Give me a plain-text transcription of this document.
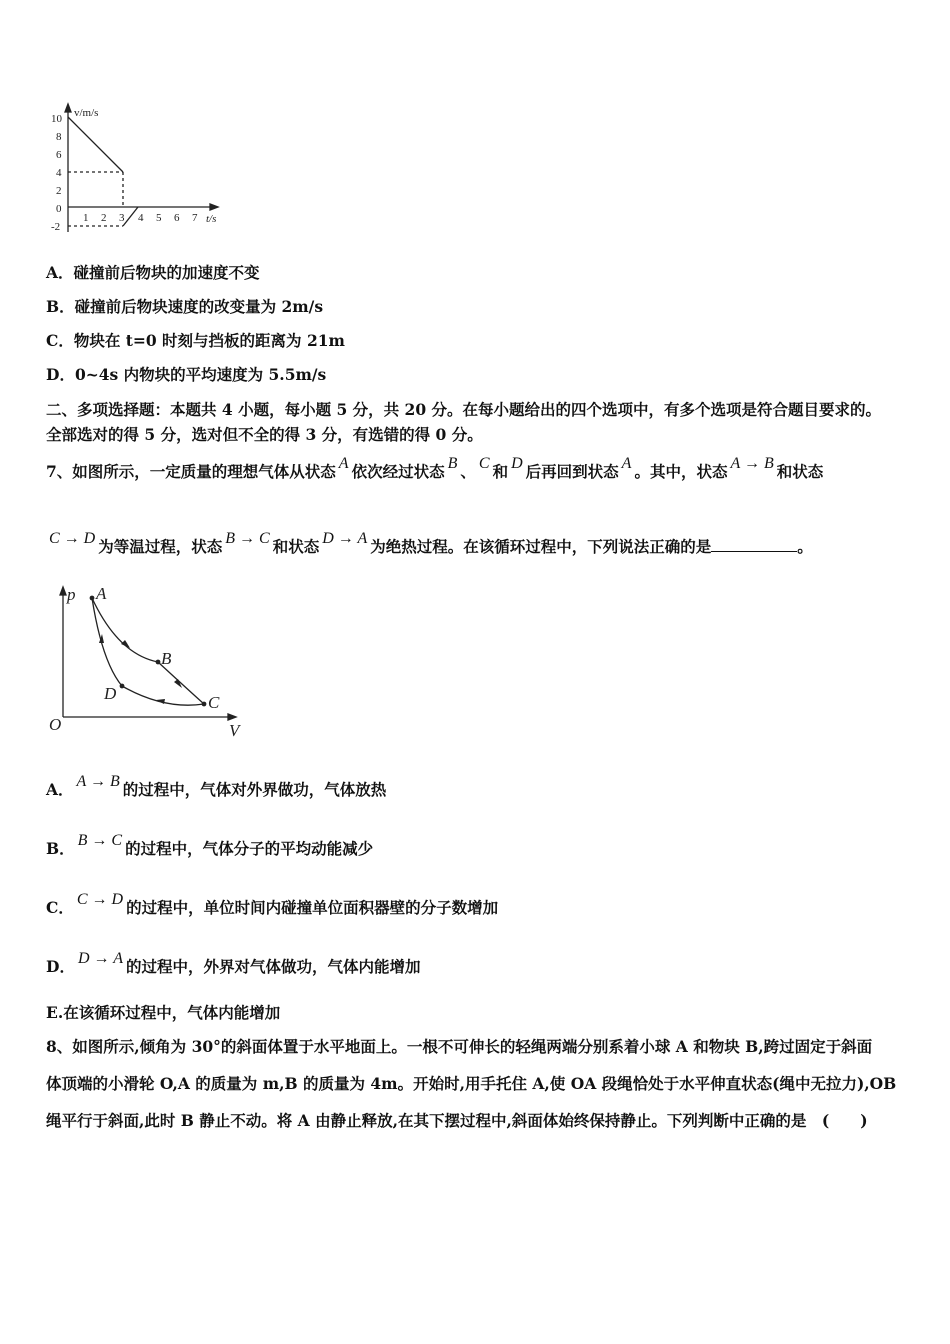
v/m/s
t/s
10
8
6
4
2
0
-2
1 2 3 4 5 6 7
A．碰撞前后物块的加速度不变
B．碰撞前后物块速度的改变量为 2m/s
C．物块在 t=0 时刻与挡板的距离为 21m
D．0~4s 内物块的平均速度为 5.5m/s
二、多项选择题：本题共 4 小题，每小题 5 分，共 20 分。在每小题给出的四个选项中，有多个选项是符合题目要求的。
全部选对的得 5 分，选对但不全的得 3 分，有选错的得 0 分。
7、如图所示，一定质量的理想气体从状态 A 依次经过状态 B 、 C 和 D 后再回到状态 A 。其中，状态 A → B 和状态
C → D 为等温过程，状态 B → C 和状态 D → A 为绝热过程。在该循环过程中，下列说法正确的是	。
p A
B
C
D
O	V
A． A → B 的过程中，气体对外界做功，气体放热
B． B → C 的过程中，气体分子的平均动能减少
C． C → D 的过程中，单位时间内碰撞单位面积器壁的分子数增加
D． D → A 的过程中，外界对气体做功，气体内能增加
E.在该循环过程中，气体内能增加
8、如图所示,倾角为 30°的斜面体置于水平地面上。一根不可伸长的轻绳两端分别系着小球 A 和物块 B,跨过固定于斜面
体顶端的小滑轮 O,A 的质量为 m,B 的质量为 4m。开始时,用手托住 A,使 OA 段绳恰处于水平伸直状态(绳中无拉力),OB
绳平行于斜面,此时 B 静止不动。将 A 由静止释放,在其下摆过程中,斜面体始终保持静止。下列判断中正确的是　(　　)
